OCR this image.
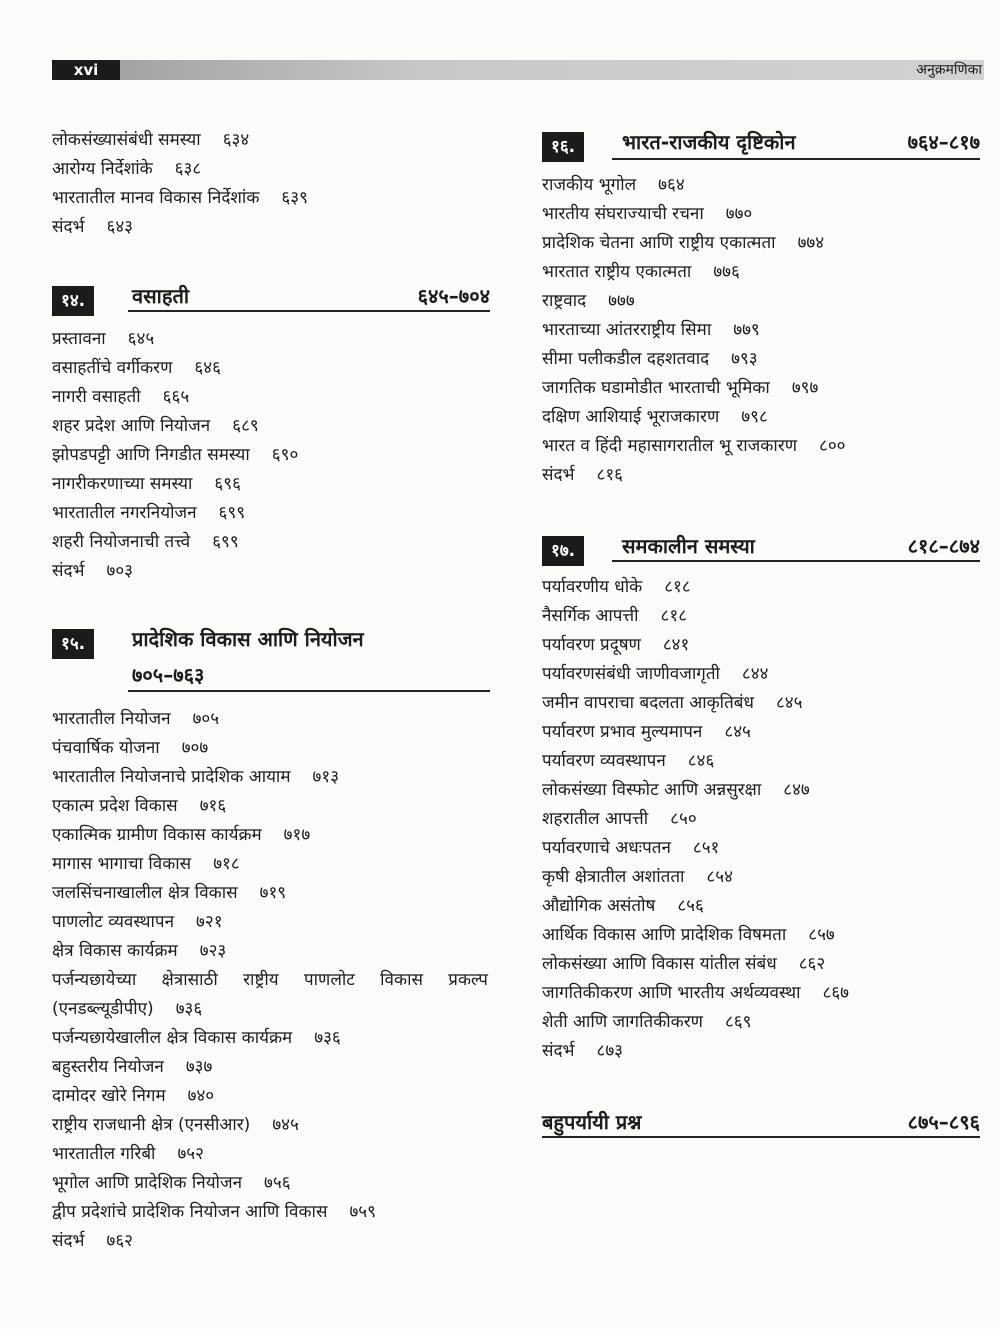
xvi	अनुक्रमणिका
लोकसंख्यासंबंधी समस्या ६३४
आरोग्य निर्देशांके ६३८
भारतातील मानव विकास निर्देशांक ६३९
संदर्भ ६४३
१४.	वसाहती	६४५–७०४
प्रस्तावना ६४५
वसाहतींचे वर्गीकरण ६४६
नागरी वसाहती ६६५
शहर प्रदेश आणि नियोजन ६८९
झोपडपट्टी आणि निगडीत समस्या ६९०
नागरीकरणाच्या समस्या ६९६
भारतातील नगरनियोजन ६९९
शहरी नियोजनाची तत्त्वे ६९९
संदर्भ ७०३
१५.	प्रादेशिक विकास आणि नियोजन
७०५–७६३
भारतातील नियोजन ७०५
पंचवार्षिक योजना ७०७
भारतातील नियोजनाचे प्रादेशिक आयाम ७१३
एकात्म प्रदेश विकास ७१६
एकात्मिक ग्रामीण विकास कार्यक्रम ७१७
मागास भागाचा विकास ७१८
जलसिंचनाखालील क्षेत्र विकास ७१९
पाणलोट व्यवस्थापन ७२१
क्षेत्र विकास कार्यक्रम ७२३
पर्जन्यछायेच्या क्षेत्रासाठी राष्ट्रीय पाणलोट विकास प्रकल्प
(एनडब्ल्यूडीपीए) ७३६
पर्जन्यछायेखालील क्षेत्र विकास कार्यक्रम ७३६
बहुस्तरीय नियोजन ७३७
दामोदर खोरे निगम ७४०
राष्ट्रीय राजधानी क्षेत्र (एनसीआर) ७४५
भारतातील गरिबी ७५२
भूगोल आणि प्रादेशिक नियोजन ७५६
द्वीप प्रदेशांचे प्रादेशिक नियोजन आणि विकास ७५९
संदर्भ ७६२
१६.	भारत-राजकीय दृष्टिकोन	७६४–८१७
राजकीय भूगोल ७६४
भारतीय संघराज्याची रचना ७७०
प्रादेशिक चेतना आणि राष्ट्रीय एकात्मता ७७४
भारतात राष्ट्रीय एकात्मता ७७६
राष्ट्रवाद ७७७
भारताच्या आंतरराष्ट्रीय सिमा ७७९
सीमा पलीकडील दहशतवाद ७९३
जागतिक घडामोडीत भारताची भूमिका ७९७
दक्षिण आशियाई भूराजकारण ७९८
भारत व हिंदी महासागरातील भू राजकारण ८००
संदर्भ ८१६
१७.	समकालीन समस्या	८१८–८७४
पर्यावरणीय धोके ८१८
नैसर्गिक आपत्ती ८१८
पर्यावरण प्रदूषण ८४१
पर्यावरणसंबंधी जाणीवजागृती ८४४
जमीन वापराचा बदलता आकृतिबंध ८४५
पर्यावरण प्रभाव मुल्यमापन ८४५
पर्यावरण व्यवस्थापन ८४६
लोकसंख्या विस्फोट आणि अन्नसुरक्षा ८४७
शहरातील आपत्ती ८५०
पर्यावरणाचे अधःपतन ८५१
कृषी क्षेत्रातील अशांतता ८५४
औद्योगिक असंतोष ८५६
आर्थिक विकास आणि प्रादेशिक विषमता ८५७
लोकसंख्या आणि विकास यांतील संबंध ८६२
जागतिकीकरण आणि भारतीय अर्थव्यवस्था ८६७
शेती आणि जागतिकीकरण ८६९
संदर्भ ८७३
बहुपर्यायी प्रश्न	८७५–८९६
